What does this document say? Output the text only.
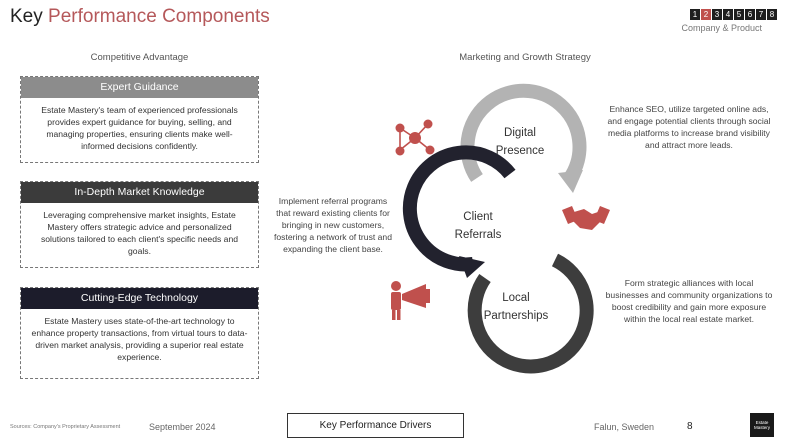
Key Performance Components	1 2 3 4 5 6 7 8
Company & Product
Competitive Advantage
Expert Guidance
Estate Mastery's team of experienced professionals provides expert guidance for buying, selling, and managing properties, ensuring clients make well-informed decisions confidently.
In-Depth Market Knowledge
Leveraging comprehensive market insights, Estate Mastery offers strategic advice and personalized solutions tailored to each client's specific needs and goals.
Cutting-Edge Technology
Estate Mastery uses state-of-the-art technology to enhance property transactions, from virtual tours to data-driven market analysis, providing a superior real estate experience.
Marketing and Growth Strategy
Digital
Presence
Client
Referrals
Local
Partnerships
Enhance SEO, utilize targeted online ads, and engage potential clients through social media platforms to increase brand visibility and attract more leads.
Implement referral programs that reward existing clients for bringing in new customers, fostering a network of trust and expanding the client base.
Form strategic alliances with local businesses and community organizations to boost credibility and gain more exposure within the local real estate market.
Sources: Company's Proprietary Assessment	September 2024	Key Performance Drivers	Falun, Sweden	8	Estate Mastery
